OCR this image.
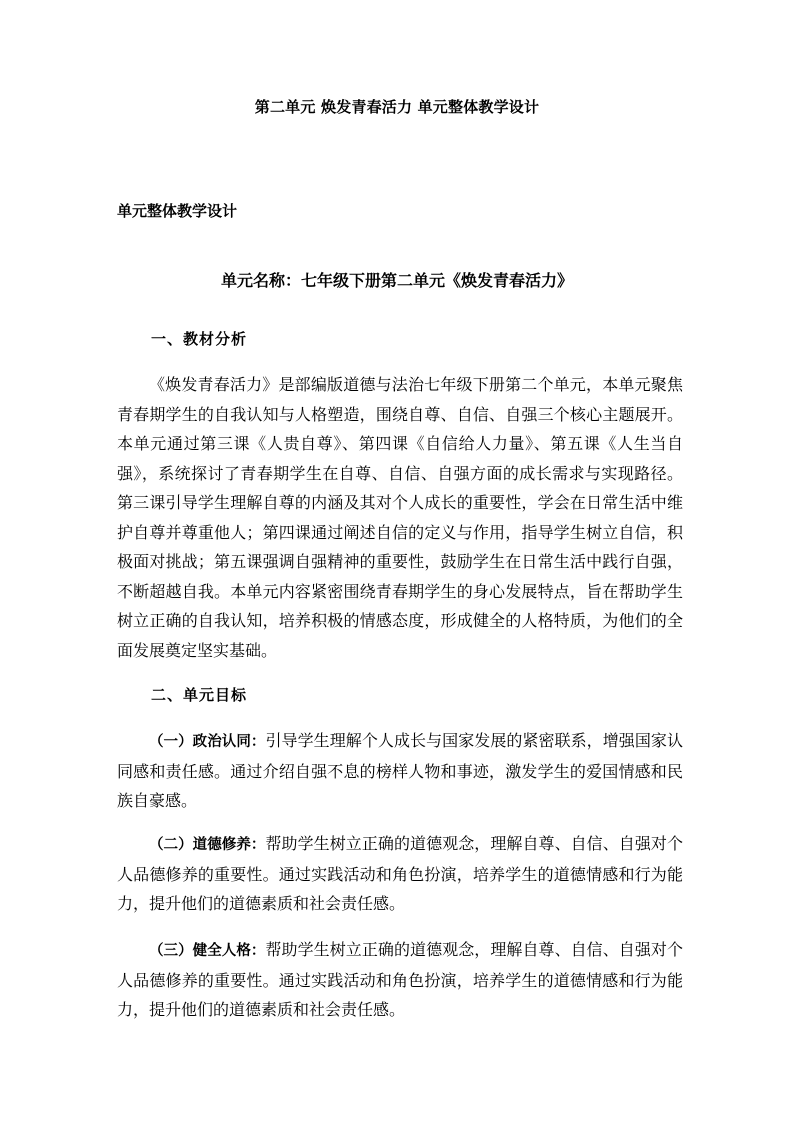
第二单元 焕发青春活力 单元整体教学设计
单元整体教学设计
单元名称：七年级下册第二单元《焕发青春活力》
一、教材分析
《焕发青春活力》是部编版道德与法治七年级下册第二个单元，本单元聚焦青春期学生的自我认知与人格塑造，围绕自尊、自信、自强三个核心主题展开。本单元通过第三课《人贵自尊》、第四课《自信给人力量》、第五课《人生当自强》，系统探讨了青春期学生在自尊、自信、自强方面的成长需求与实现路径。第三课引导学生理解自尊的内涵及其对个人成长的重要性，学会在日常生活中维护自尊并尊重他人；第四课通过阐述自信的定义与作用，指导学生树立自信，积极面对挑战；第五课强调自强精神的重要性，鼓励学生在日常生活中践行自强，不断超越自我。本单元内容紧密围绕青春期学生的身心发展特点，旨在帮助学生树立正确的自我认知，培养积极的情感态度，形成健全的人格特质，为他们的全面发展奠定坚实基础。
二、单元目标
（一）政治认同：引导学生理解个人成长与国家发展的紧密联系，增强国家认同感和责任感。通过介绍自强不息的榜样人物和事迹，激发学生的爱国情感和民族自豪感。
（二）道德修养：帮助学生树立正确的道德观念，理解自尊、自信、自强对个人品德修养的重要性。通过实践活动和角色扮演，培养学生的道德情感和行为能力，提升他们的道德素质和社会责任感。
（三）健全人格：帮助学生树立正确的道德观念，理解自尊、自信、自强对个人品德修养的重要性。通过实践活动和角色扮演，培养学生的道德情感和行为能力，提升他们的道德素质和社会责任感。
